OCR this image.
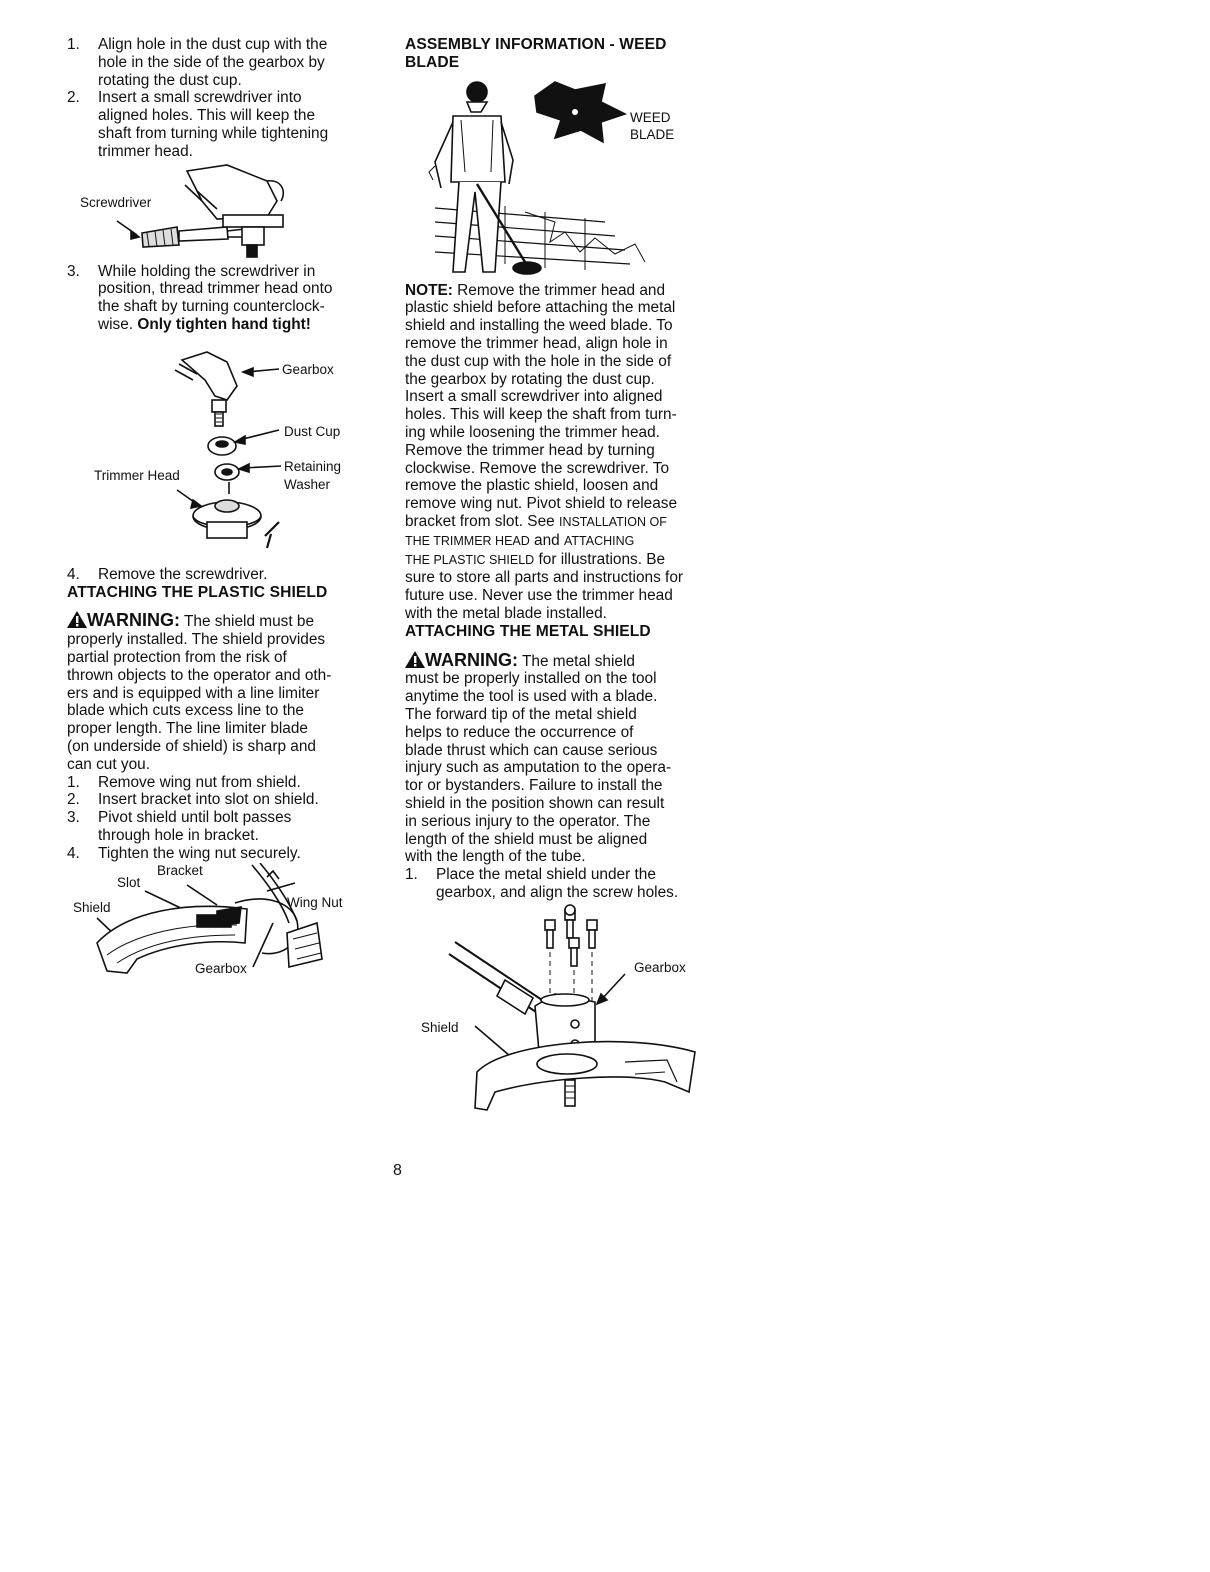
1. Align hole in the dust cup with the
hole in the side of the gearbox by
rotating the dust cup.
2. Insert a small screwdriver into
aligned holes. This will keep the
shaft from turning while tightening
trimmer head.
Screwdriver
3. While holding the screwdriver in
position, thread trimmer head onto
the shaft by turning counterclock-
wise. Only tighten hand tight!
Gearbox
Dust Cup
Retaining
Washer
Trimmer Head
4. Remove the screwdriver.
ATTACHING THE PLASTIC SHIELD

WARNING: The shield must be
properly installed. The shield provides
partial protection from the risk of
thrown objects to the operator and oth-
ers and is equipped with a line limiter
blade which cuts excess line to the
proper length. The line limiter blade
(on underside of shield) is sharp and
can cut you.

1. Remove wing nut from shield.
2. Insert bracket into slot on shield.
3. Pivot shield until bolt passes
through hole in bracket.
4. Tighten the wing nut securely.
Bracket
Slot
Shield	Wing Nut
Gearbox
ASSEMBLY INFORMATION - WEED
BLADE
WEED
BLADE

NOTE: Remove the trimmer head and
plastic shield before attaching the metal
shield and installing the weed blade. To
remove the trimmer head, align hole in
the dust cup with the hole in the side of
the gearbox by rotating the dust cup.
Insert a small screwdriver into aligned
holes. This will keep the shaft from turn-
ing while loosening the trimmer head.
Remove the trimmer head by turning
clockwise. Remove the screwdriver. To
remove the plastic shield, loosen and
remove wing nut. Pivot shield to release
bracket from slot. See INSTALLATION OF
THE TRIMMER HEAD and ATTACHING
THE PLASTIC SHIELD for illustrations. Be
sure to store all parts and instructions for
future use. Never use the trimmer head
with the metal blade installed.

ATTACHING THE METAL SHIELD

WARNING: The metal shield
must be properly installed on the tool
anytime the tool is used with a blade.
The forward tip of the metal shield
helps to reduce the occurrence of
blade thrust which can cause serious
injury such as amputation to the opera-
tor or bystanders. Failure to install the
shield in the position shown can result
in serious injury to the operator. The
length of the shield must be aligned
with the length of the tube.

1. Place the metal shield under the
gearbox, and align the screw holes.
Gearbox
Shield
8
